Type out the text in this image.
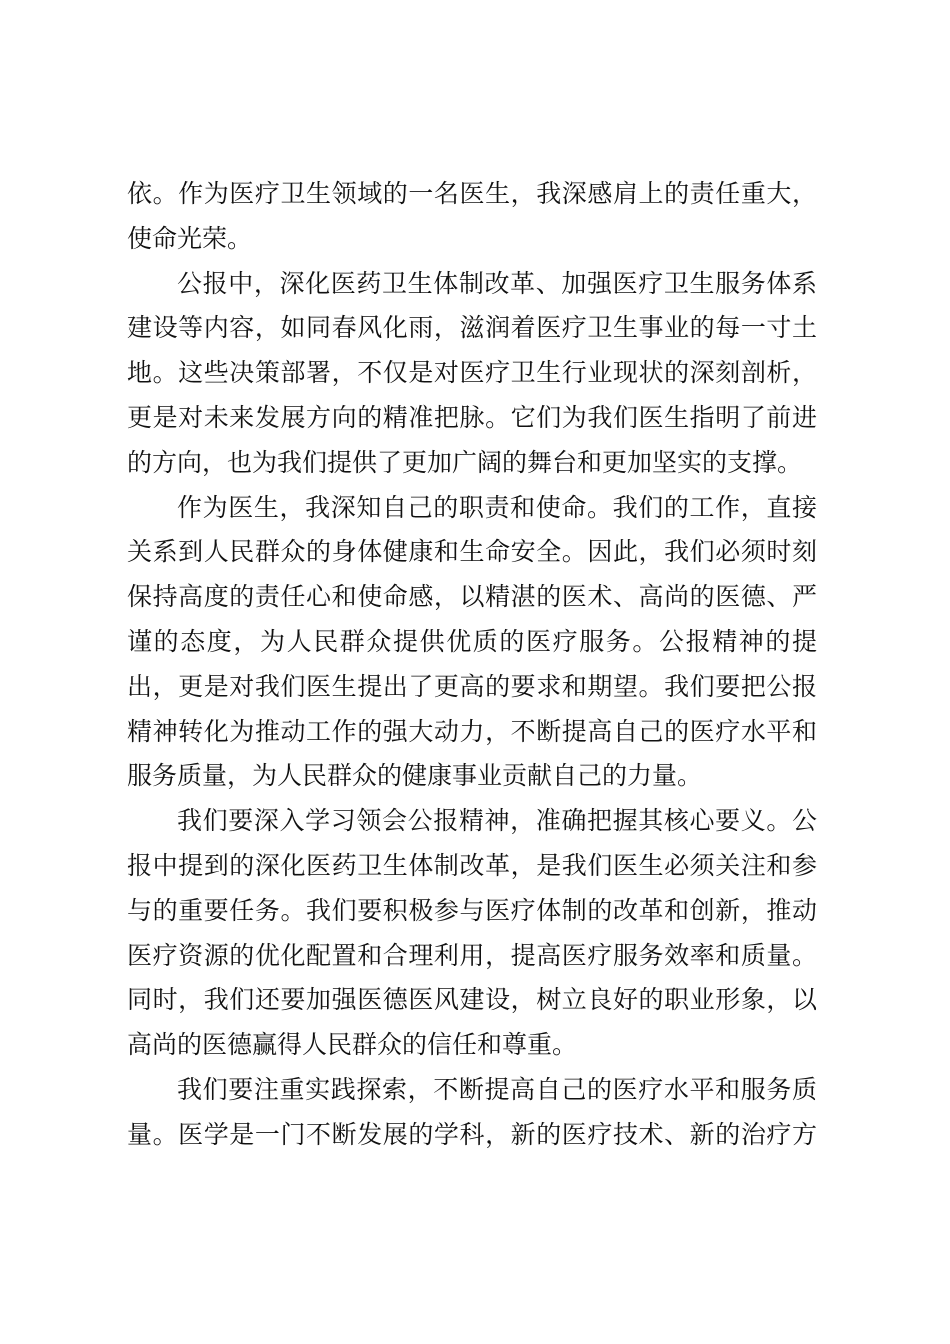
依。作为医疗卫生领域的一名医生，我深感肩上的责任重大，
使命光荣。
公报中，深化医药卫生体制改革、加强医疗卫生服务体系
建设等内容，如同春风化雨，滋润着医疗卫生事业的每一寸土
地。这些决策部署，不仅是对医疗卫生行业现状的深刻剖析，
更是对未来发展方向的精准把脉。它们为我们医生指明了前进
的方向，也为我们提供了更加广阔的舞台和更加坚实的支撑。
作为医生，我深知自己的职责和使命。我们的工作，直接
关系到人民群众的身体健康和生命安全。因此，我们必须时刻
保持高度的责任心和使命感，以精湛的医术、高尚的医德、严
谨的态度，为人民群众提供优质的医疗服务。公报精神的提
出，更是对我们医生提出了更高的要求和期望。我们要把公报
精神转化为推动工作的强大动力，不断提高自己的医疗水平和
服务质量，为人民群众的健康事业贡献自己的力量。
我们要深入学习领会公报精神，准确把握其核心要义。公
报中提到的深化医药卫生体制改革，是我们医生必须关注和参
与的重要任务。我们要积极参与医疗体制的改革和创新，推动
医疗资源的优化配置和合理利用，提高医疗服务效率和质量。
同时，我们还要加强医德医风建设，树立良好的职业形象，以
高尚的医德赢得人民群众的信任和尊重。
我们要注重实践探索，不断提高自己的医疗水平和服务质
量。医学是一门不断发展的学科，新的医疗技术、新的治疗方
